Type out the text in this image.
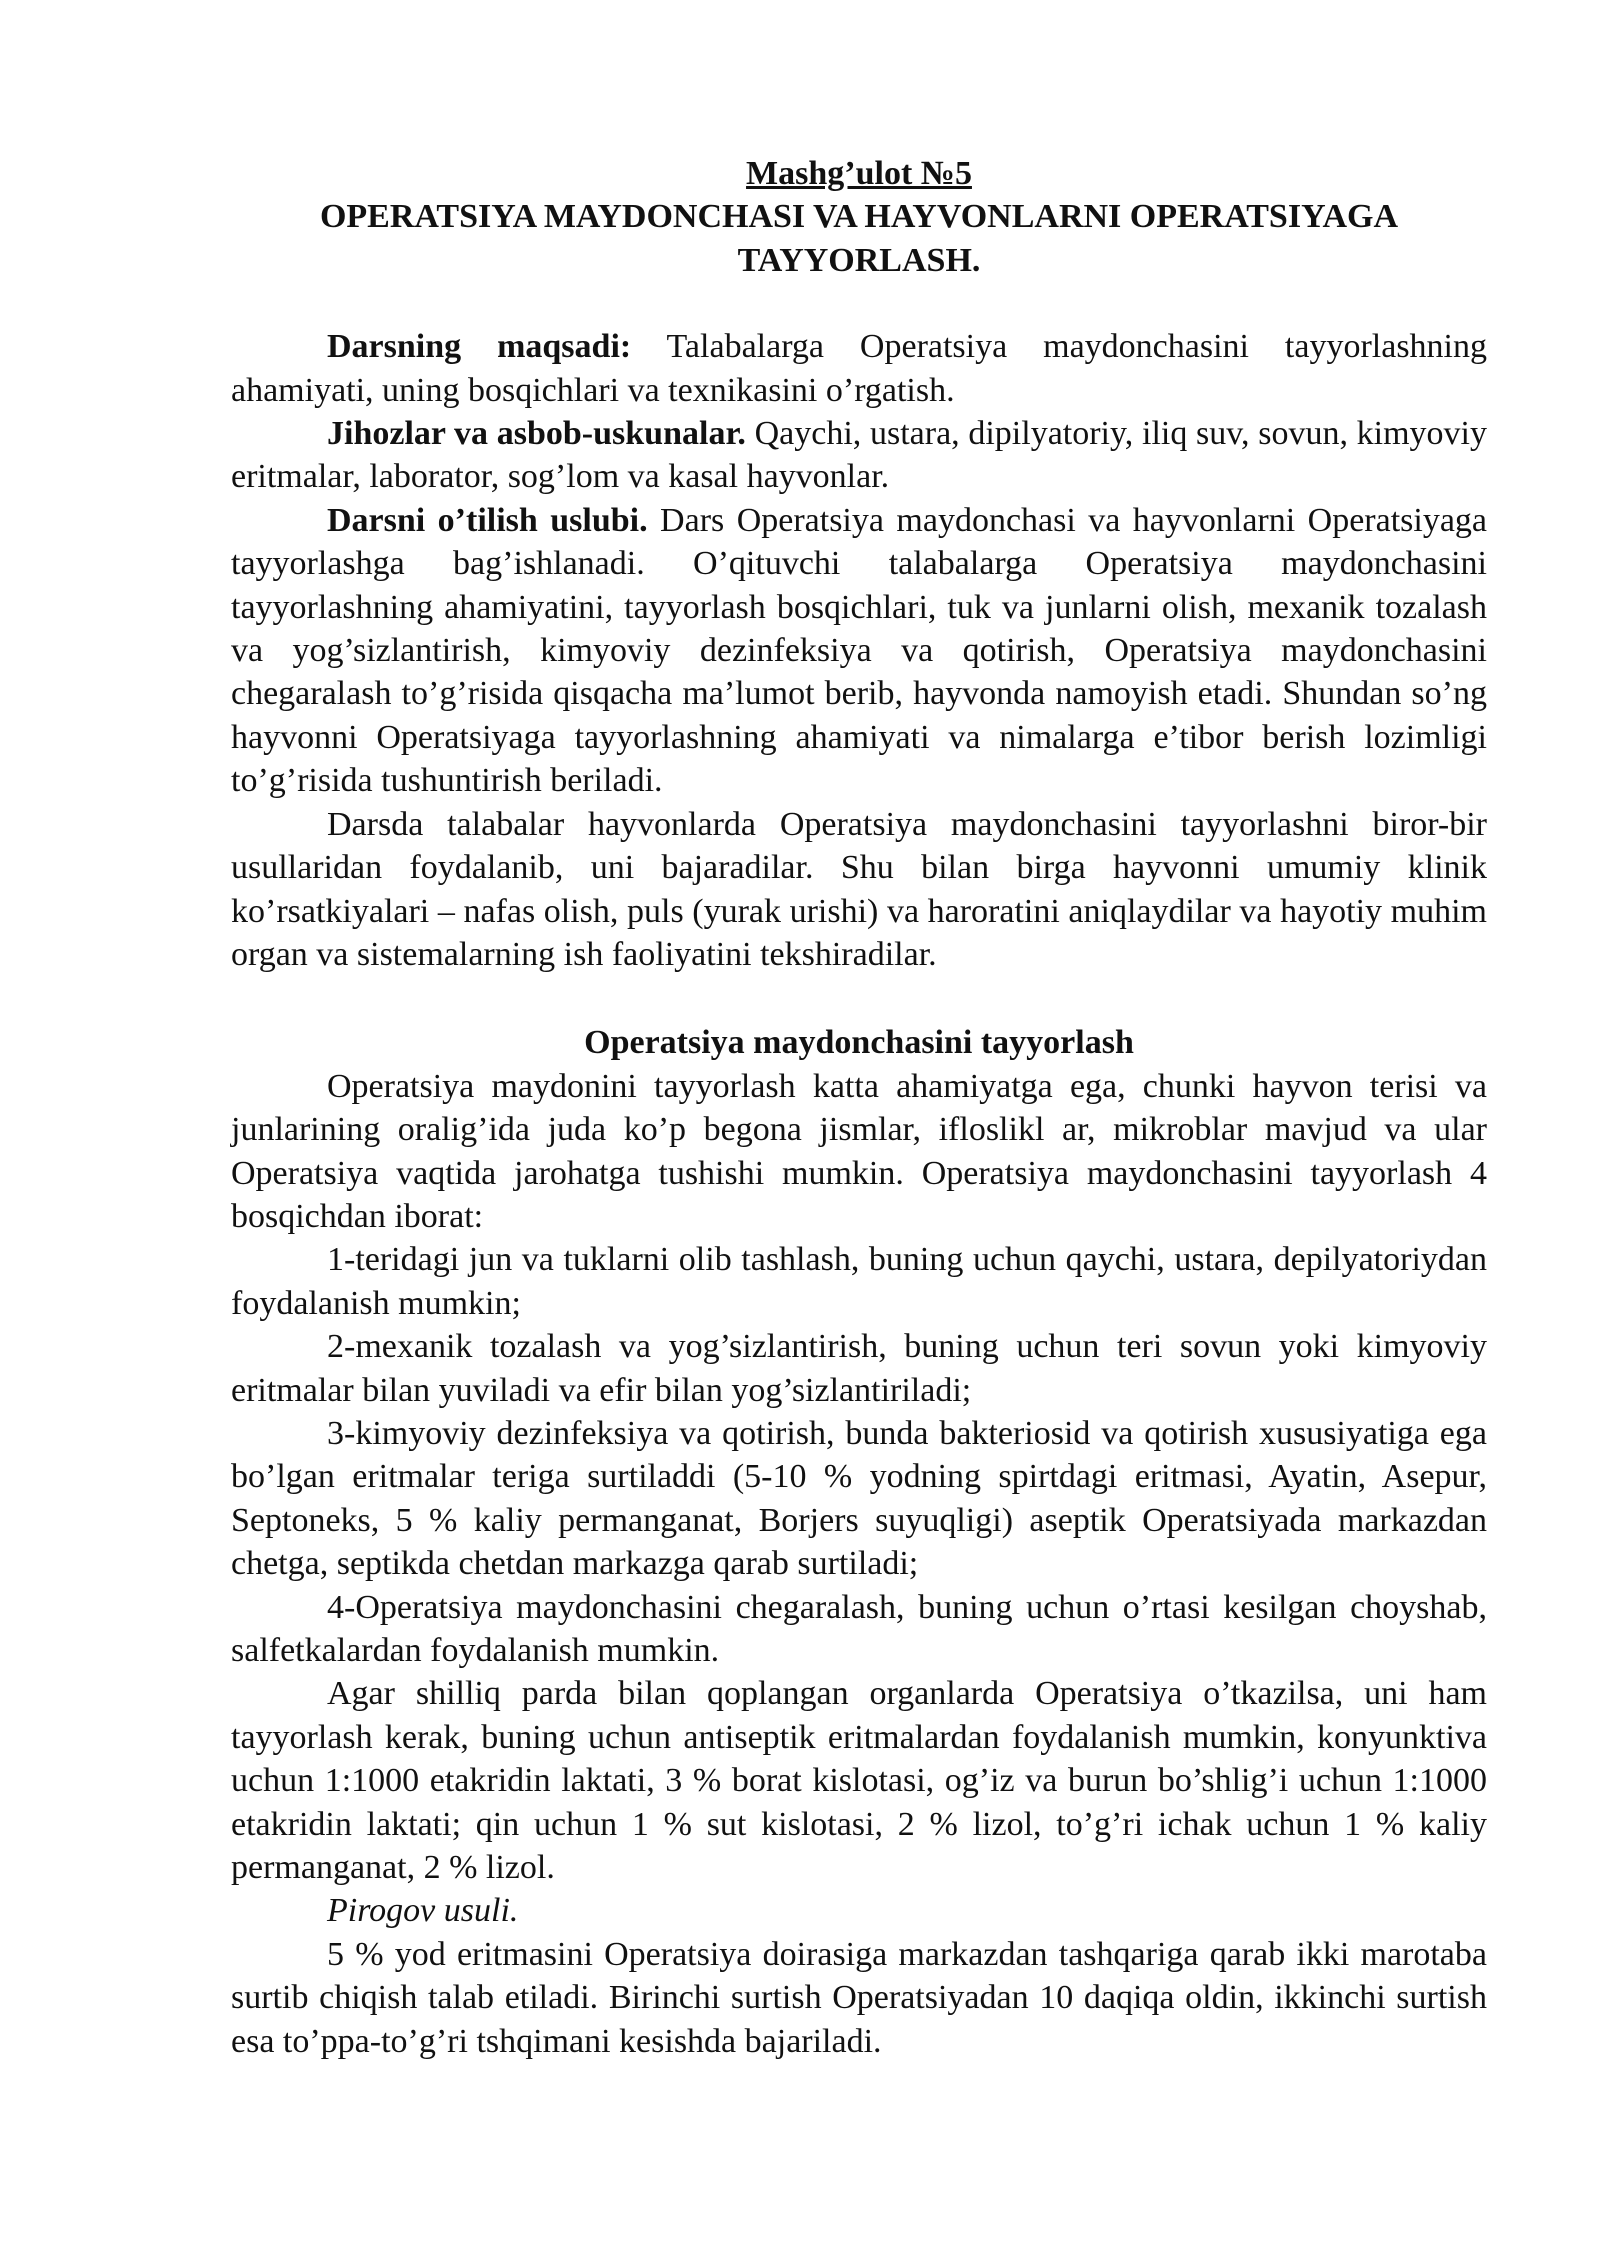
Mashg’ulot №5
OPERATSIYA MAYDONCHASI VA HAYVONLARNI OPERATSIYAGA TAYYORLASH.

Darsning maqsadi: Talabalarga Operatsiya maydonchasini tayyorlashning ahamiyati, uning bosqichlari va texnikasini o’rgatish.

Jihozlar va asbob-uskunalar. Qaychi, ustara, dipilyatoriy, iliq suv, sovun, kimyoviy eritmalar, laborator, sog’lom va kasal hayvonlar.

Darsni o’tilish uslubi. Dars Operatsiya maydonchasi va hayvonlarni Operatsiyaga tayyorlashga bag’ishlanadi. O’qituvchi talabalarga Operatsiya maydonchasini tayyorlashning ahamiyatini, tayyorlash bosqichlari, tuk va junlarni olish, mexanik tozalash va yog’sizlantirish, kimyoviy dezinfeksiya va qotirish, Operatsiya maydonchasini chegaralash to’g’risida qisqacha ma’lumot berib, hayvonda namoyish etadi. Shundan so’ng hayvonni Operatsiyaga tayyorlashning ahamiyati va nimalarga e’tibor berish lozimligi to’g’risida tushuntirish beriladi.

Darsda talabalar hayvonlarda Operatsiya maydonchasini tayyorlashni biror-bir usullaridan foydalanib, uni bajaradilar. Shu bilan birga hayvonni umumiy klinik ko’rsatkiyalari – nafas olish, puls (yurak urishi) va haroratini aniqlaydilar va hayotiy muhim organ va sistemalarning ish faoliyatini tekshiradilar.

Operatsiya maydonchasini tayyorlash

Operatsiya maydonini tayyorlash katta ahamiyatga ega, chunki hayvon terisi va junlarining oralig’ida juda ko’p begona jismlar, ifloslikl ar, mikroblar mavjud va ular Operatsiya vaqtida jarohatga tushishi mumkin. Operatsiya maydonchasini tayyorlash 4 bosqichdan iborat:

1-teridagi jun va tuklarni olib tashlash, buning uchun qaychi, ustara, depilyatoriydan foydalanish mumkin;

2-mexanik tozalash va yog’sizlantirish, buning uchun teri sovun yoki kimyoviy eritmalar bilan yuviladi va efir bilan yog’sizlantiriladi;

3-kimyoviy dezinfeksiya va qotirish, bunda bakteriosid va qotirish xususiyatiga ega bo’lgan eritmalar teriga surtiladdi (5-10 % yodning spirtdagi eritmasi, Ayatin, Asepur, Septoneks, 5 % kaliy permanganat, Borjers suyuqligi) aseptik Operatsiyada markazdan chetga, septikda chetdan markazga qarab surtiladi;

4-Operatsiya maydonchasini chegaralash, buning uchun o’rtasi kesilgan choyshab, salfetkalardan foydalanish mumkin.

Agar shilliq parda bilan qoplangan organlarda Operatsiya o’tkazilsa, uni ham tayyorlash kerak, buning uchun antiseptik eritmalardan foydalanish mumkin, konyunktiva uchun 1:1000 etakridin laktati, 3 % borat kislotasi, og’iz va burun bo’shlig’i uchun 1:1000 etakridin laktati; qin uchun 1 % sut kislotasi, 2 % lizol, to’g’ri ichak uchun 1 % kaliy permanganat, 2 % lizol.

Pirogov usuli.

5 % yod eritmasini Operatsiya doirasiga markazdan tashqariga qarab ikki marotaba surtib chiqish talab etiladi. Birinchi surtish Operatsiyadan 10 daqiqa oldin, ikkinchi surtish esa to’ppa-to’g’ri tshqimani kesishda bajariladi.
